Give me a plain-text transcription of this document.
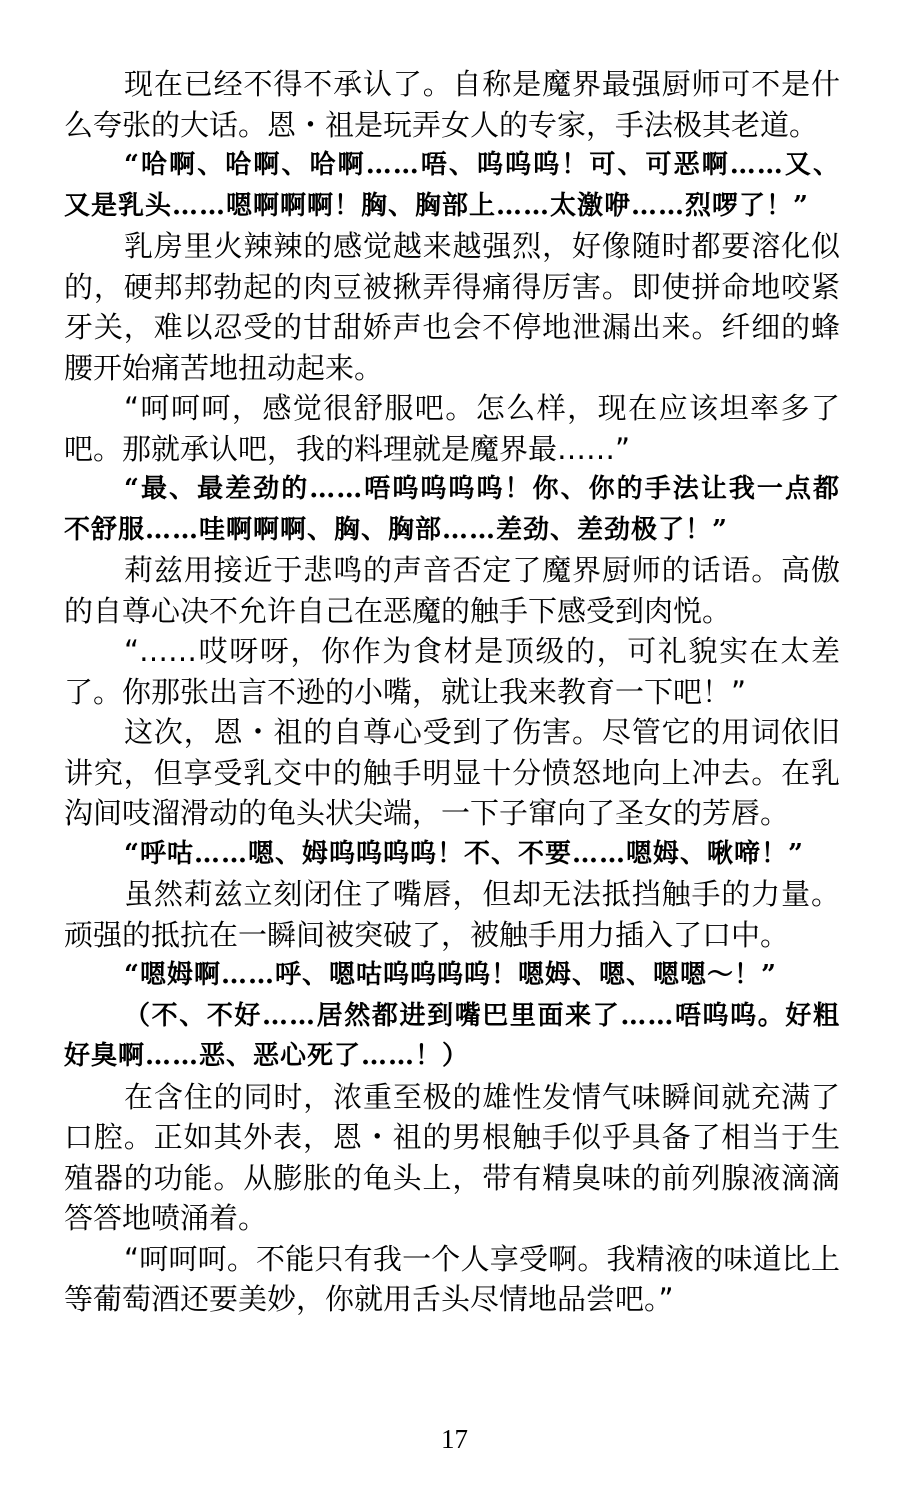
现在已经不得不承认了。自称是魔界最强厨师可不是什么夸张的大话。恩・祖是玩弄女人的专家，手法极其老道。

“哈啊、哈啊、哈啊……唔、呜呜呜！可、可恶啊……又、又是乳头……嗯啊啊啊！胸、胸部上……太激咿……烈啰了！”

乳房里火辣辣的感觉越来越强烈，好像随时都要溶化似的，硬邦邦勃起的肉豆被揪弄得痛得厉害。即使拼命地咬紧牙关，难以忍受的甘甜娇声也会不停地泄漏出来。纤细的蜂腰开始痛苦地扭动起来。

“呵呵呵，感觉很舒服吧。怎么样，现在应该坦率多了吧。那就承认吧，我的料理就是魔界最……”

“最、最差劲的……唔呜呜呜呜！你、你的手法让我一点都不舒服……哇啊啊啊、胸、胸部……差劲、差劲极了！”

莉兹用接近于悲鸣的声音否定了魔界厨师的话语。高傲的自尊心决不允许自己在恶魔的触手下感受到肉悦。

“……哎呀呀，你作为食材是顶级的，可礼貌实在太差了。你那张出言不逊的小嘴，就让我来教育一下吧！”

这次，恩・祖的自尊心受到了伤害。尽管它的用词依旧讲究，但享受乳交中的触手明显十分愤怒地向上冲去。在乳沟间吱溜滑动的龟头状尖端，一下子窜向了圣女的芳唇。

“呼咕……嗯、姆呜呜呜呜！不、不要……嗯姆、啾啼！”

虽然莉兹立刻闭住了嘴唇，但却无法抵挡触手的力量。顽强的抵抗在一瞬间被突破了，被触手用力插入了口中。

“嗯姆啊……呼、嗯咕呜呜呜呜！嗯姆、嗯、嗯嗯～！”

（不、不好……居然都进到嘴巴里面来了……唔呜呜。好粗好臭啊……恶、恶心死了……！）

在含住的同时，浓重至极的雄性发情气味瞬间就充满了口腔。正如其外表，恩・祖的男根触手似乎具备了相当于生殖器的功能。从膨胀的龟头上，带有精臭味的前列腺液滴滴答答地喷涌着。

“呵呵呵。不能只有我一个人享受啊。我精液的味道比上等葡萄酒还要美妙，你就用舌头尽情地品尝吧。”

17
